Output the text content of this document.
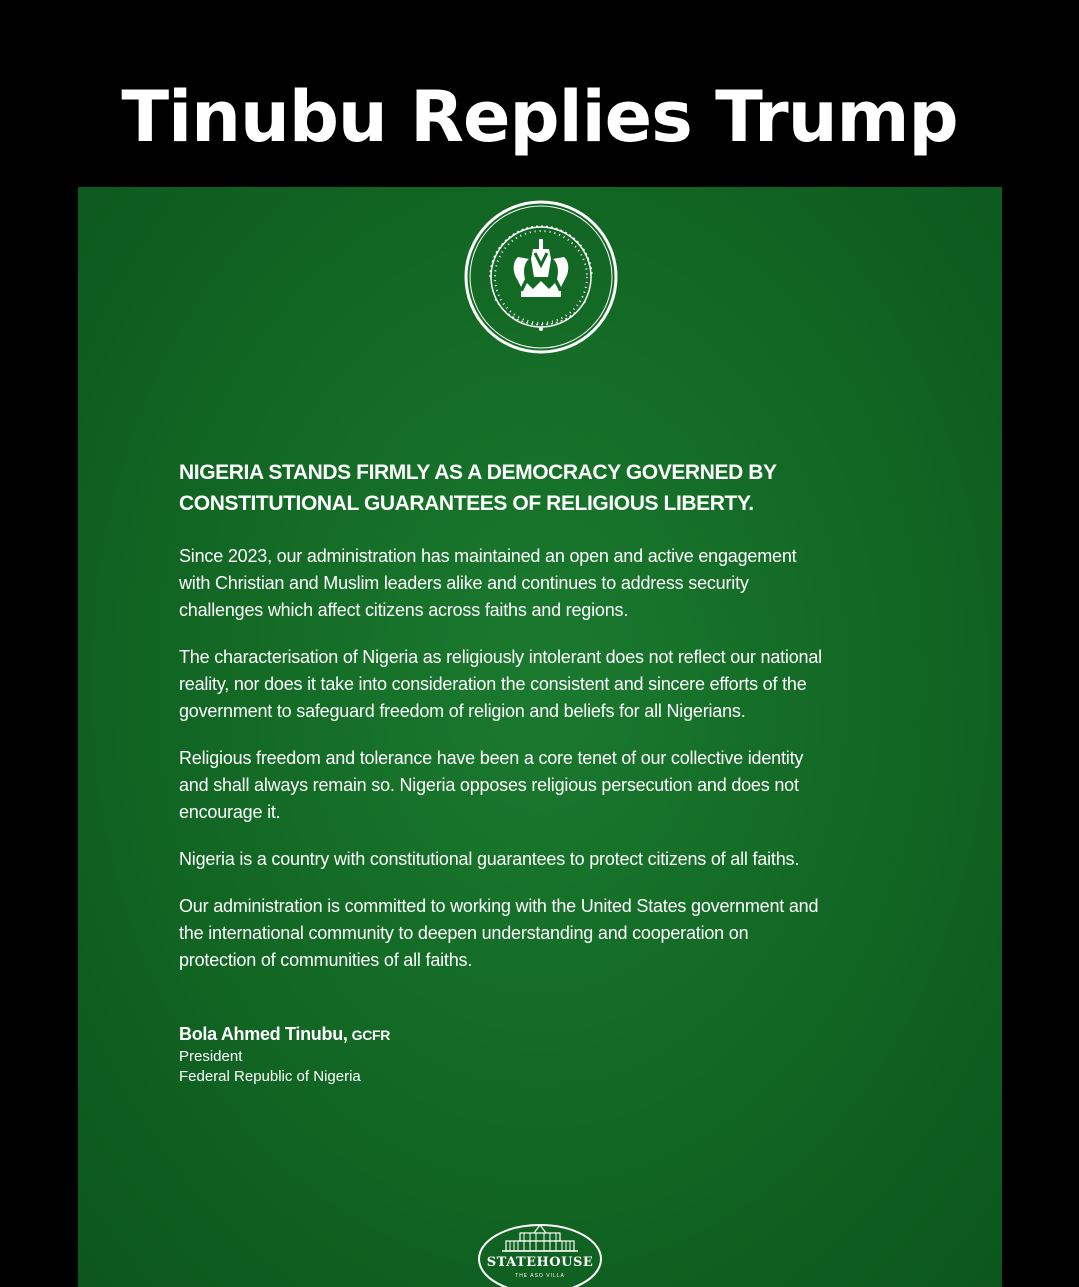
Tinubu Replies Trump
NIGERIA STANDS FIRMLY AS A DEMOCRACY GOVERNED BY
CONSTITUTIONAL GUARANTEES OF RELIGIOUS LIBERTY.

Since 2023, our administration has maintained an open and active engagement
with Christian and Muslim leaders alike and continues to address security
challenges which affect citizens across faiths and regions.

The characterisation of Nigeria as religiously intolerant does not reflect our national
reality, nor does it take into consideration the consistent and sincere efforts of the
government to safeguard freedom of religion and beliefs for all Nigerians.

Religious freedom and tolerance have been a core tenet of our collective identity
and shall always remain so. Nigeria opposes religious persecution and does not
encourage it.

Nigeria is a country with constitutional guarantees to protect citizens of all faiths.

Our administration is committed to working with the United States government and
the international community to deepen understanding and cooperation on
protection of communities of all faiths.

Bola Ahmed Tinubu, GCFR
President
Federal Republic of Nigeria
STATEHOUSE
THE ASO VILLA
